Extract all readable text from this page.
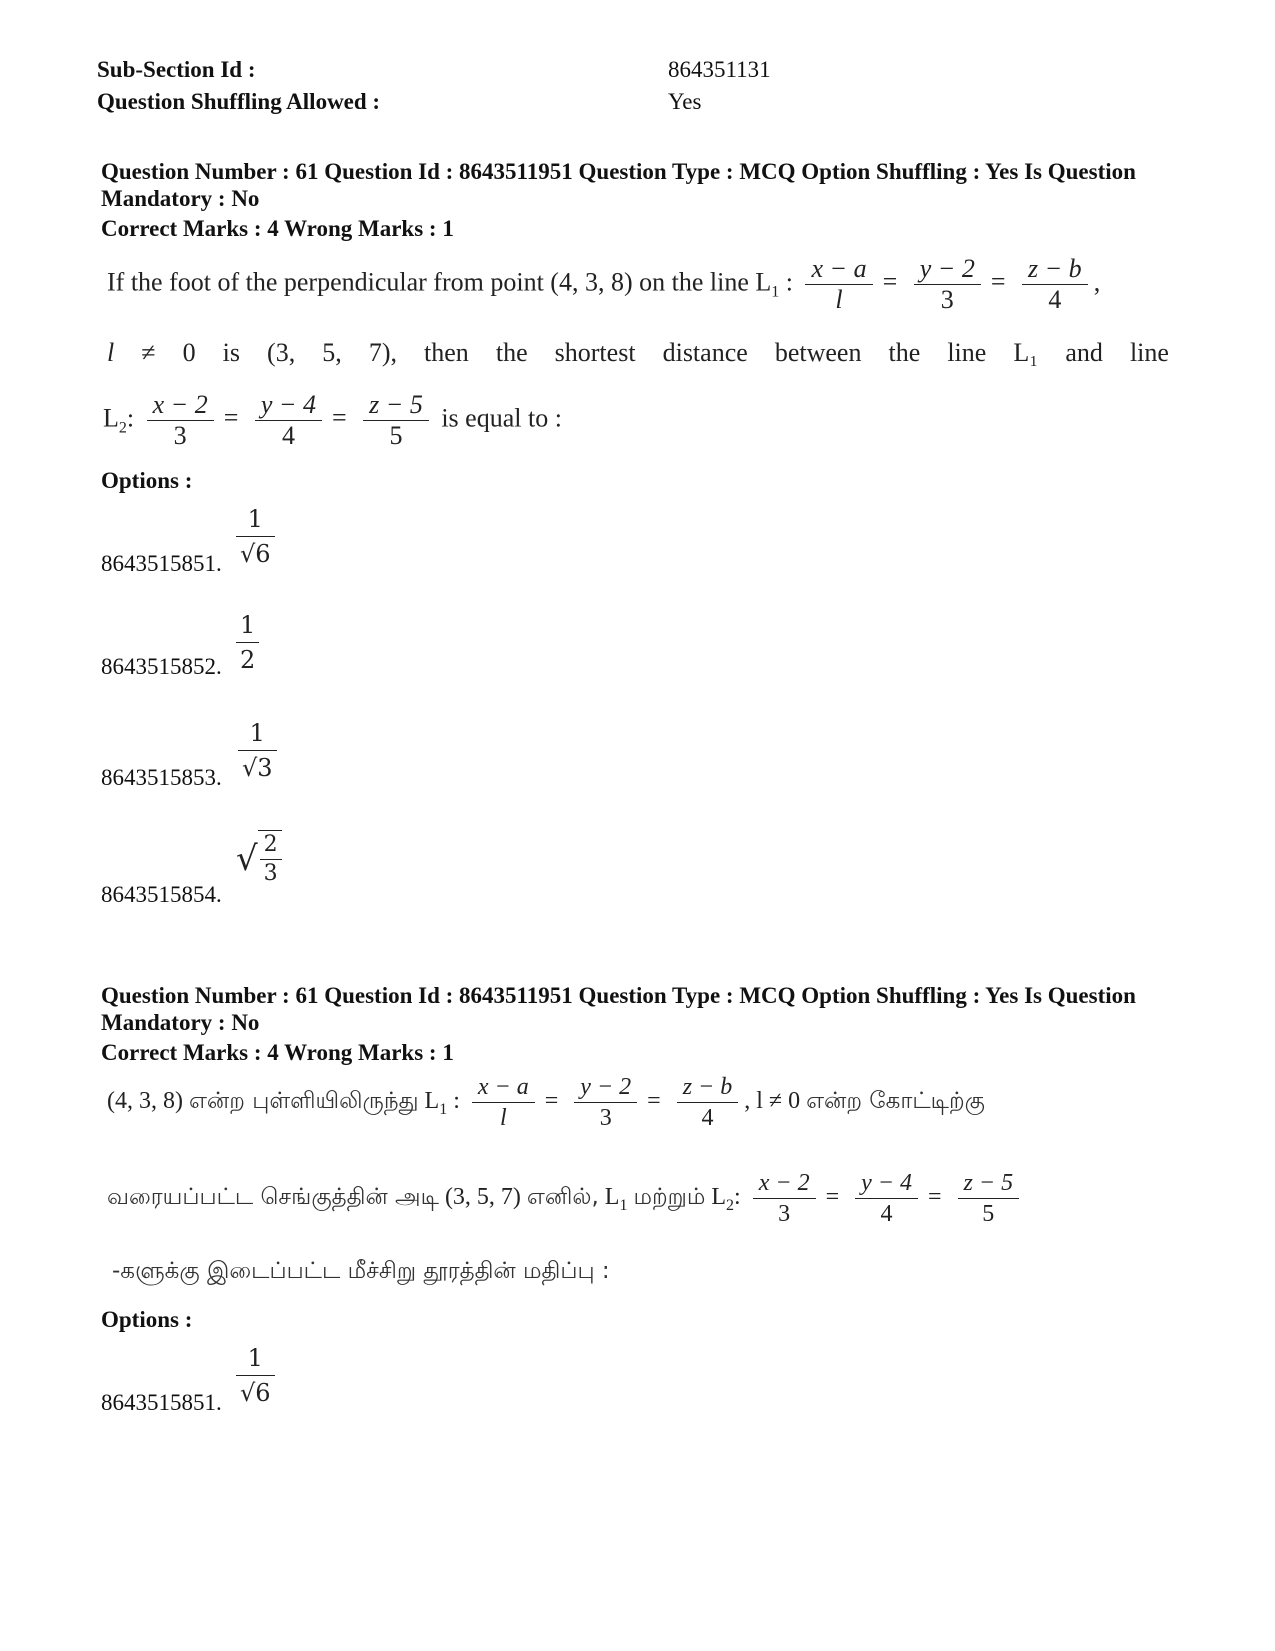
Sub-Section Id :	864351131
Question Shuffling Allowed :	Yes
Question Number : 61 Question Id : 8643511951 Question Type : MCQ Option Shuffling : Yes Is Question Mandatory : No
Correct Marks : 4 Wrong Marks : 1
If the foot of the perpendicular from point (4, 3, 8) on the line $L_1$ : $\frac{x - a}{l} = \frac{y - 2}{3} = \frac{z - b}{4}$ ,
l ≠ 0 is (3, 5, 7), then the shortest distance between the line L₁ and line
$L_2$: $\frac{x - 2}{3} = \frac{y - 4}{4} = \frac{z - 5}{5}$ is equal to :
Options :
8643515851. $\frac{1}{√6}$
8643515852. $\frac{1}{2}$
8643515853. $\frac{1}{√3}$
8643515854.
√ $\frac{2}{3}$
Question Number : 61 Question Id : 8643511951 Question Type : MCQ Option Shuffling : Yes Is Question Mandatory : No
Correct Marks : 4 Wrong Marks : 1
(4, 3, 8) என்ற புள்ளியிலிருந்து $L_1$ : $\frac{x - a}{l} = \frac{y - 2}{3} = \frac{z - b}{4}$ , l ≠ 0 என்ற கோட்டிற்கு
வரையப்பட்ட செங்குத்தின் அடி (3, 5, 7) எனில், $L_1$ மற்றும் $L_2$: $\frac{x - 2}{3} = \frac{y - 4}{4} = \frac{z - 5}{5}$
-களுக்கு இடைப்பட்ட மீச்சிறு தூரத்தின் மதிப்பு :
Options :
8643515851. $\frac{1}{√6}$
